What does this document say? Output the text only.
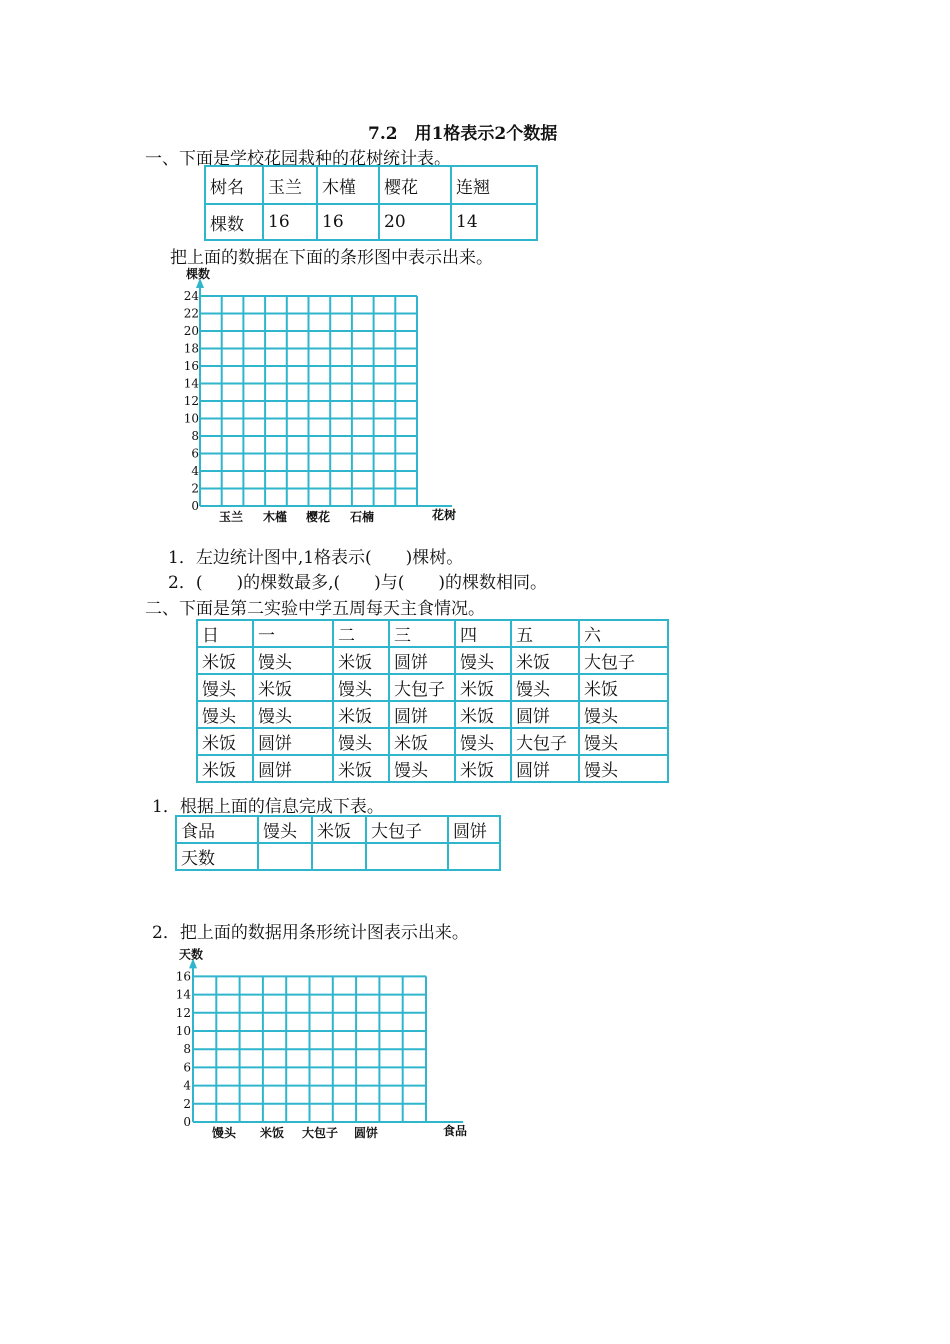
7.2　用1格表示2个数据
一、下面是学校花园栽种的花树统计表。
树名	玉兰	木槿	樱花	连翘
棵数	16	16	20	14
把上面的数据在下面的条形图中表示出来。
0
2
4
6
8
10
12
14
16
18
20
22
24
棵数
花树
玉兰 木槿 樱花 石楠
1．左边统计图中,1格表示(　　)棵树。
2．(　　)的棵数最多,(　　)与(　　)的棵数相同。
二、下面是第二实验中学五周每天主食情况。
日	一	二	三	四	五	六
米饭	馒头	米饭	圆饼	馒头	米饭	大包子
馒头	米饭	馒头	大包子	米饭	馒头	米饭
馒头	馒头	米饭	圆饼	米饭	圆饼	馒头
米饭	圆饼	馒头	米饭	馒头	大包子	馒头
米饭	圆饼	米饭	馒头	米饭	圆饼	馒头
1．根据上面的信息完成下表。
食品	馒头	米饭	大包子	圆饼
天数				
2．把上面的数据用条形统计图表示出来。
0
2
4
6
8
10
12
14
16
天数
食品
馒头 米饭 大包子 圆饼
